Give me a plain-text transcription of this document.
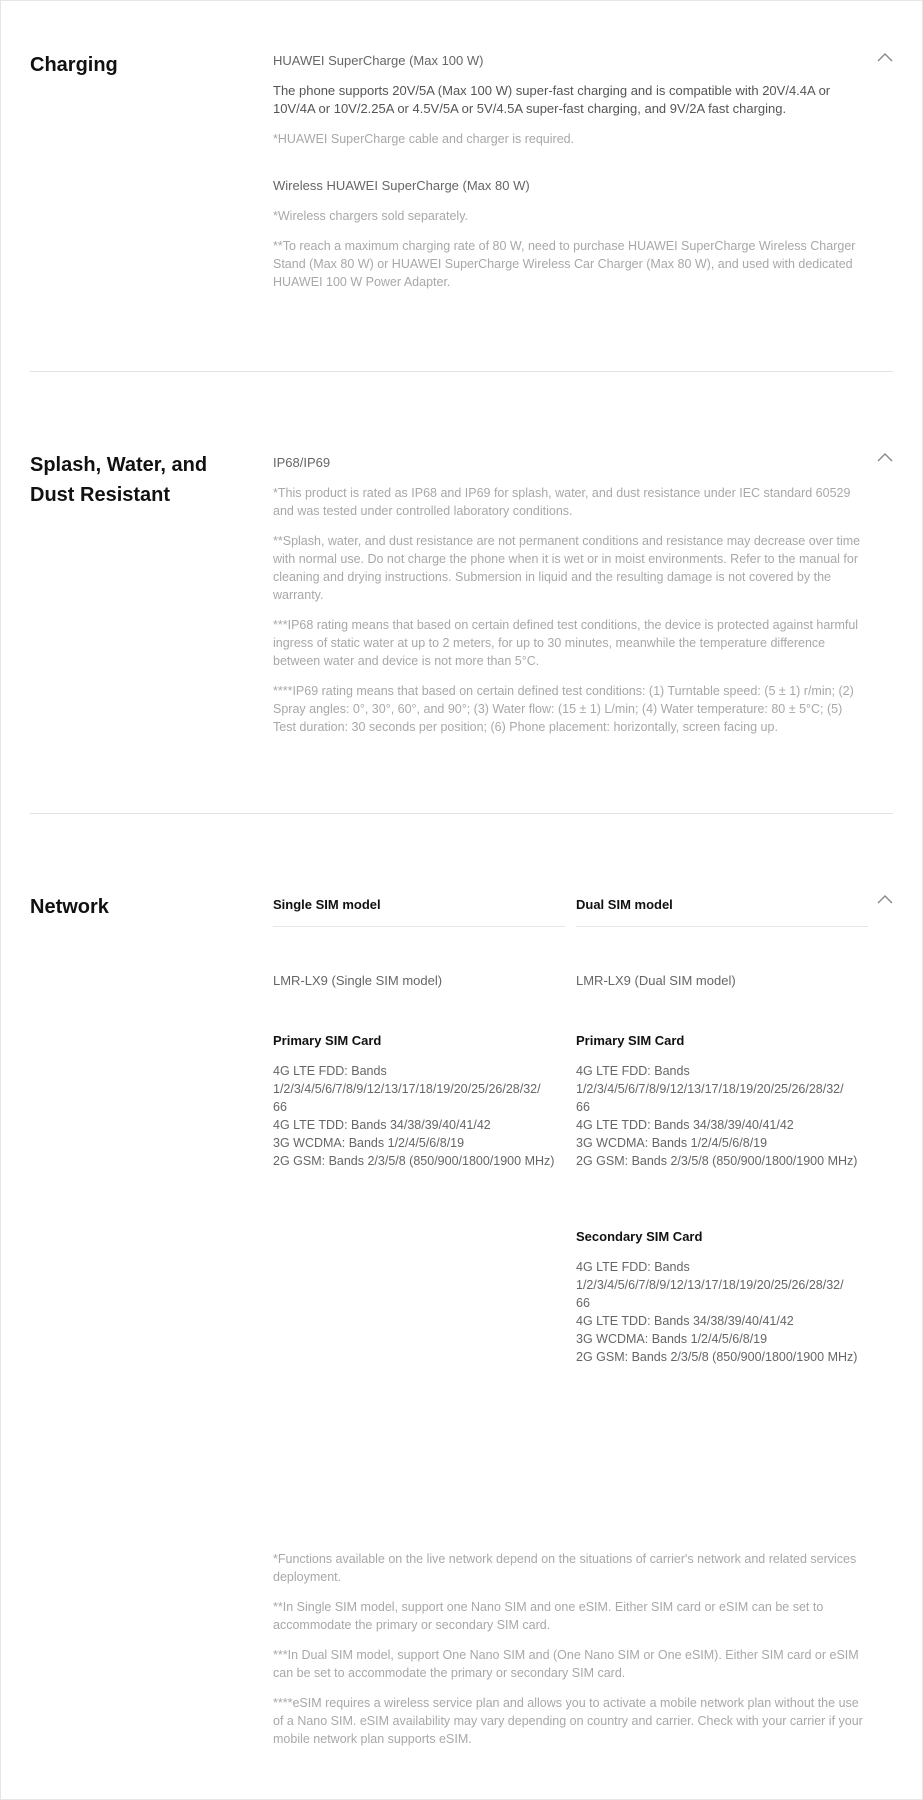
Charging	HUAWEI SuperCharge (Max 100 W)

The phone supports 20V/5A (Max 100 W) super-fast charging and is compatible with 20V/4.4A or 10V/4A or 10V/2.25A or 4.5V/5A or 5V/4.5A super-fast charging, and 9V/2A fast charging.

*HUAWEI SuperCharge cable and charger is required.

Wireless HUAWEI SuperCharge (Max 80 W)

*Wireless chargers sold separately.

**To reach a maximum charging rate of 80 W, need to purchase HUAWEI SuperCharge Wireless Charger Stand (Max 80 W) or HUAWEI SuperCharge Wireless Car Charger (Max 80 W), and used with dedicated HUAWEI 100 W Power Adapter.

Splash, Water, and Dust Resistant

IP68/IP69

*This product is rated as IP68 and IP69 for splash, water, and dust resistance under IEC standard 60529 and was tested under controlled laboratory conditions.

**Splash, water, and dust resistance are not permanent conditions and resistance may decrease over time with normal use. Do not charge the phone when it is wet or in moist environments. Refer to the manual for cleaning and drying instructions. Submersion in liquid and the resulting damage is not covered by the warranty.

***IP68 rating means that based on certain defined test conditions, the device is protected against harmful ingress of static water at up to 2 meters, for up to 30 minutes, meanwhile the temperature difference between water and device is not more than 5°C.

****IP69 rating means that based on certain defined test conditions: (1) Turntable speed: (5 ± 1) r/min; (2) Spray angles: 0°, 30°, 60°, and 90°; (3) Water flow: (15 ± 1) L/min; (4) Water temperature: 80 ± 5°C; (5) Test duration: 30 seconds per position; (6) Phone placement: horizontally, screen facing up.

Network	Single SIM model
LMR-LX9 (Single SIM model)
Primary SIM Card

4G LTE FDD: Bands

1/2/3/4/5/6/7/8/9/12/13/17/18/19/20/25/26/28/32/

66

4G LTE TDD: Bands 34/38/39/40/41/42

3G WCDMA: Bands 1/2/4/5/6/8/19

2G GSM: Bands 2/3/5/8 (850/900/1800/1900 MHz)

Dual SIM model
LMR-LX9 (Dual SIM model)
Primary SIM Card

4G LTE FDD: Bands

1/2/3/4/5/6/7/8/9/12/13/17/18/19/20/25/26/28/32/

66

4G LTE TDD: Bands 34/38/39/40/41/42

3G WCDMA: Bands 1/2/4/5/6/8/19

2G GSM: Bands 2/3/5/8 (850/900/1800/1900 MHz)

Secondary SIM Card

4G LTE FDD: Bands

1/2/3/4/5/6/7/8/9/12/13/17/18/19/20/25/26/28/32/

66

4G LTE TDD: Bands 34/38/39/40/41/42

3G WCDMA: Bands 1/2/4/5/6/8/19

2G GSM: Bands 2/3/5/8 (850/900/1800/1900 MHz)

*Functions available on the live network depend on the situations of carrier's network and related services deployment.

**In Single SIM model, support one Nano SIM and one eSIM. Either SIM card or eSIM can be set to accommodate the primary or secondary SIM card.

***In Dual SIM model, support One Nano SIM and (One Nano SIM or One eSIM). Either SIM card or eSIM can be set to accommodate the primary or secondary SIM card.

****eSIM requires a wireless service plan and allows you to activate a mobile network plan without the use of a Nano SIM. eSIM availability may vary depending on country and carrier. Check with your carrier if your mobile network plan supports eSIM.
